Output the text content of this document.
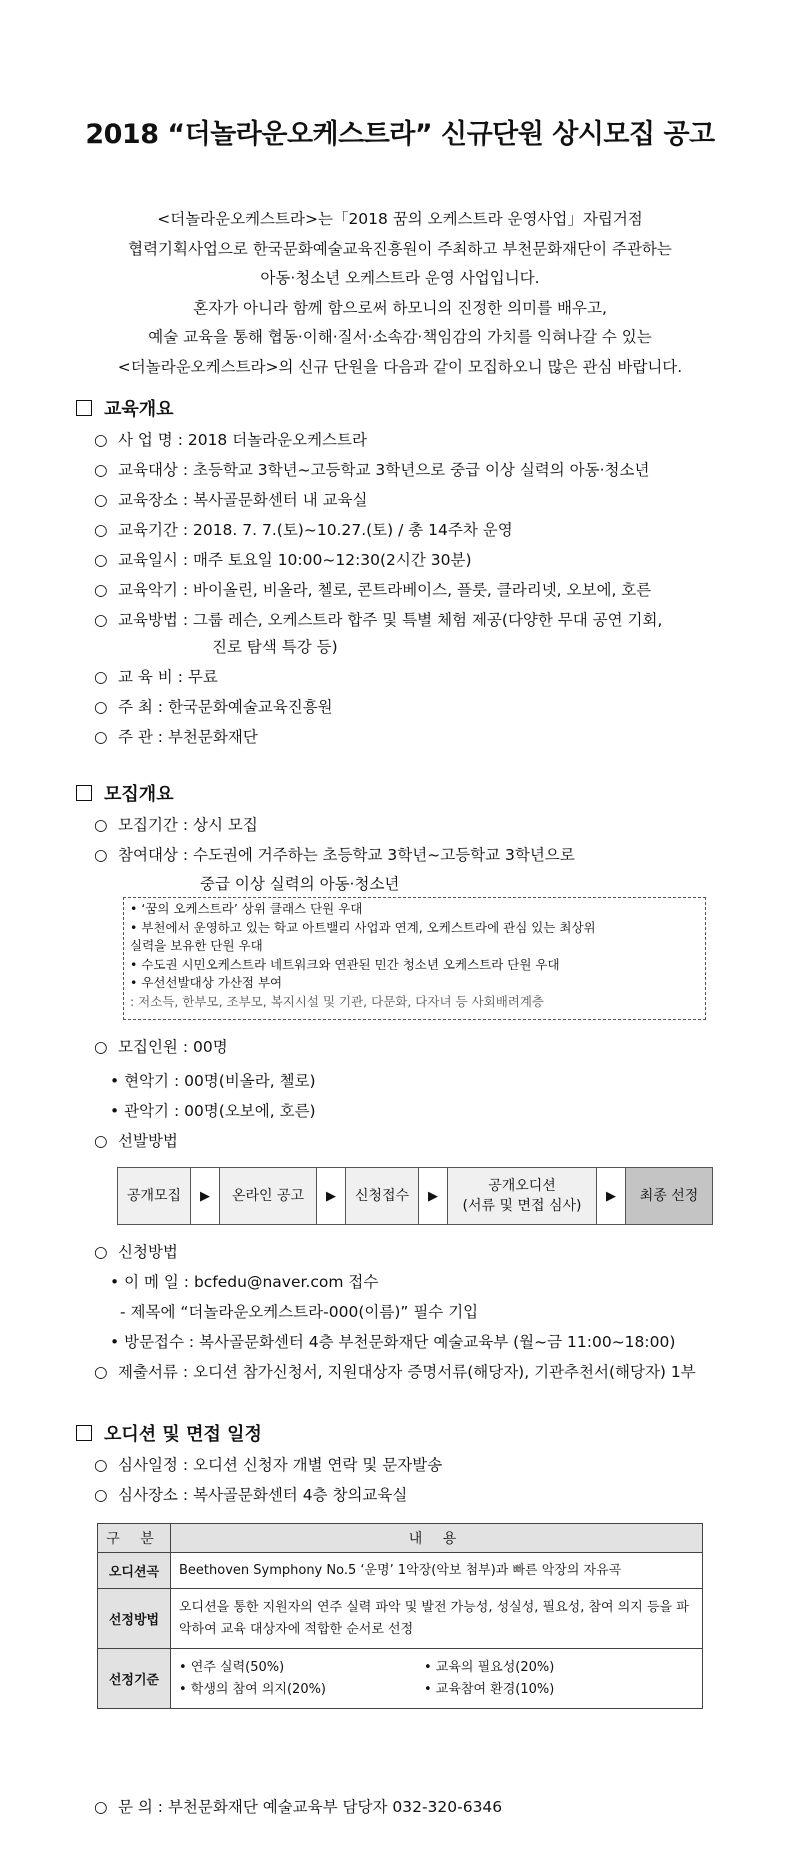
2018 “더놀라운오케스트라” 신규단원 상시모집 공고
<더놀라운오케스트라>는「2018 꿈의 오케스트라 운영사업」자립거점
협력기획사업으로 한국문화예술교육진흥원이 주최하고 부천문화재단이 주관하는
아동·청소년 오케스트라 운영 사업입니다.
혼자가 아니라 함께 함으로써 하모니의 진정한 의미를 배우고,
예술 교육을 통해 협동·이해·질서·소속감·책임감의 가치를 익혀나갈 수 있는
<더놀라운오케스트라>의 신규 단원을 다음과 같이 모집하오니 많은 관심 바랍니다.
교육개요
○ 사 업 명 : 2018 더놀라운오케스트라
○ 교육대상 : 초등학교 3학년~고등학교 3학년으로 중급 이상 실력의 아동·청소년
○ 교육장소 : 복사골문화센터 내 교육실
○ 교육기간 : 2018. 7. 7.(토)~10.27.(토) / 총 14주차 운영
○ 교육일시 : 매주 토요일 10:00~12:30(2시간 30분)
○ 교육악기 : 바이올린, 비올라, 첼로, 콘트라베이스, 플룻, 클라리넷, 오보에, 호른
○ 교육방법 : 그룹 레슨, 오케스트라 합주 및 특별 체험 제공(다양한 무대 공연 기회,
진로 탐색 특강 등)
○ 교 육 비 : 무료
○ 주 최 : 한국문화예술교육진흥원
○ 주 관 : 부천문화재단
모집개요
○ 모집기간 : 상시 모집
○ 참여대상 : 수도권에 거주하는 초등학교 3학년~고등학교 3학년으로
중급 이상 실력의 아동·청소년
• ‘꿈의 오케스트라’ 상위 클래스 단원 우대
• 부천에서 운영하고 있는 학교 아트밸리 사업과 연계, 오케스트라에 관심 있는 최상위
실력을 보유한 단원 우대
• 수도권 시민오케스트라 네트워크와 연관된 민간 청소년 오케스트라 단원 우대
• 우선선발대상 가산점 부여
: 저소득, 한부모, 조부모, 복지시설 및 기관, 다문화, 다자녀 등 사회배려계층
○ 모집인원 : 00명
• 현악기 : 00명(비올라, 첼로)
• 관악기 : 00명(오보에, 호른)
○ 선발방법
공개모집	▶	온라인 공고	▶	신청접수	▶
공개오디션
(서류 및 면접 심사)
▶	최종 선정
○ 신청방법
• 이 메 일 : bcfedu@naver.com 접수
- 제목에 “더놀라운오케스트라-000(이름)” 필수 기입
• 방문접수 : 복사골문화센터 4층 부천문화재단 예술교육부 (월~금 11:00~18:00)
○ 제출서류 : 오디션 참가신청서, 지원대상자 증명서류(해당자), 기관추천서(해당자) 1부
오디션 및 면접 일정
○ 심사일정 : 오디션 신청자 개별 연락 및 문자발송
○ 심사장소 : 복사골문화센터 4층 창의교육실
구 분	내 용
오디션곡	Beethoven Symphony No.5 ‘운명’ 1악장(악보 첨부)과 빠른 악장의 자유곡
선정방법	오디션을 통한 지원자의 연주 실력 파악 및 발전 가능성, 성실성, 필요성, 참여 의지 등을 파악하여 교육 대상자에 적합한 순서로 선정
선정기준	• 연주 실력(50%) • 교육의 필요성(20%)
• 학생의 참여 의지(20%) • 교육참여 환경(10%)
○ 문 의 : 부천문화재단 예술교육부 담당자 032-320-6346
